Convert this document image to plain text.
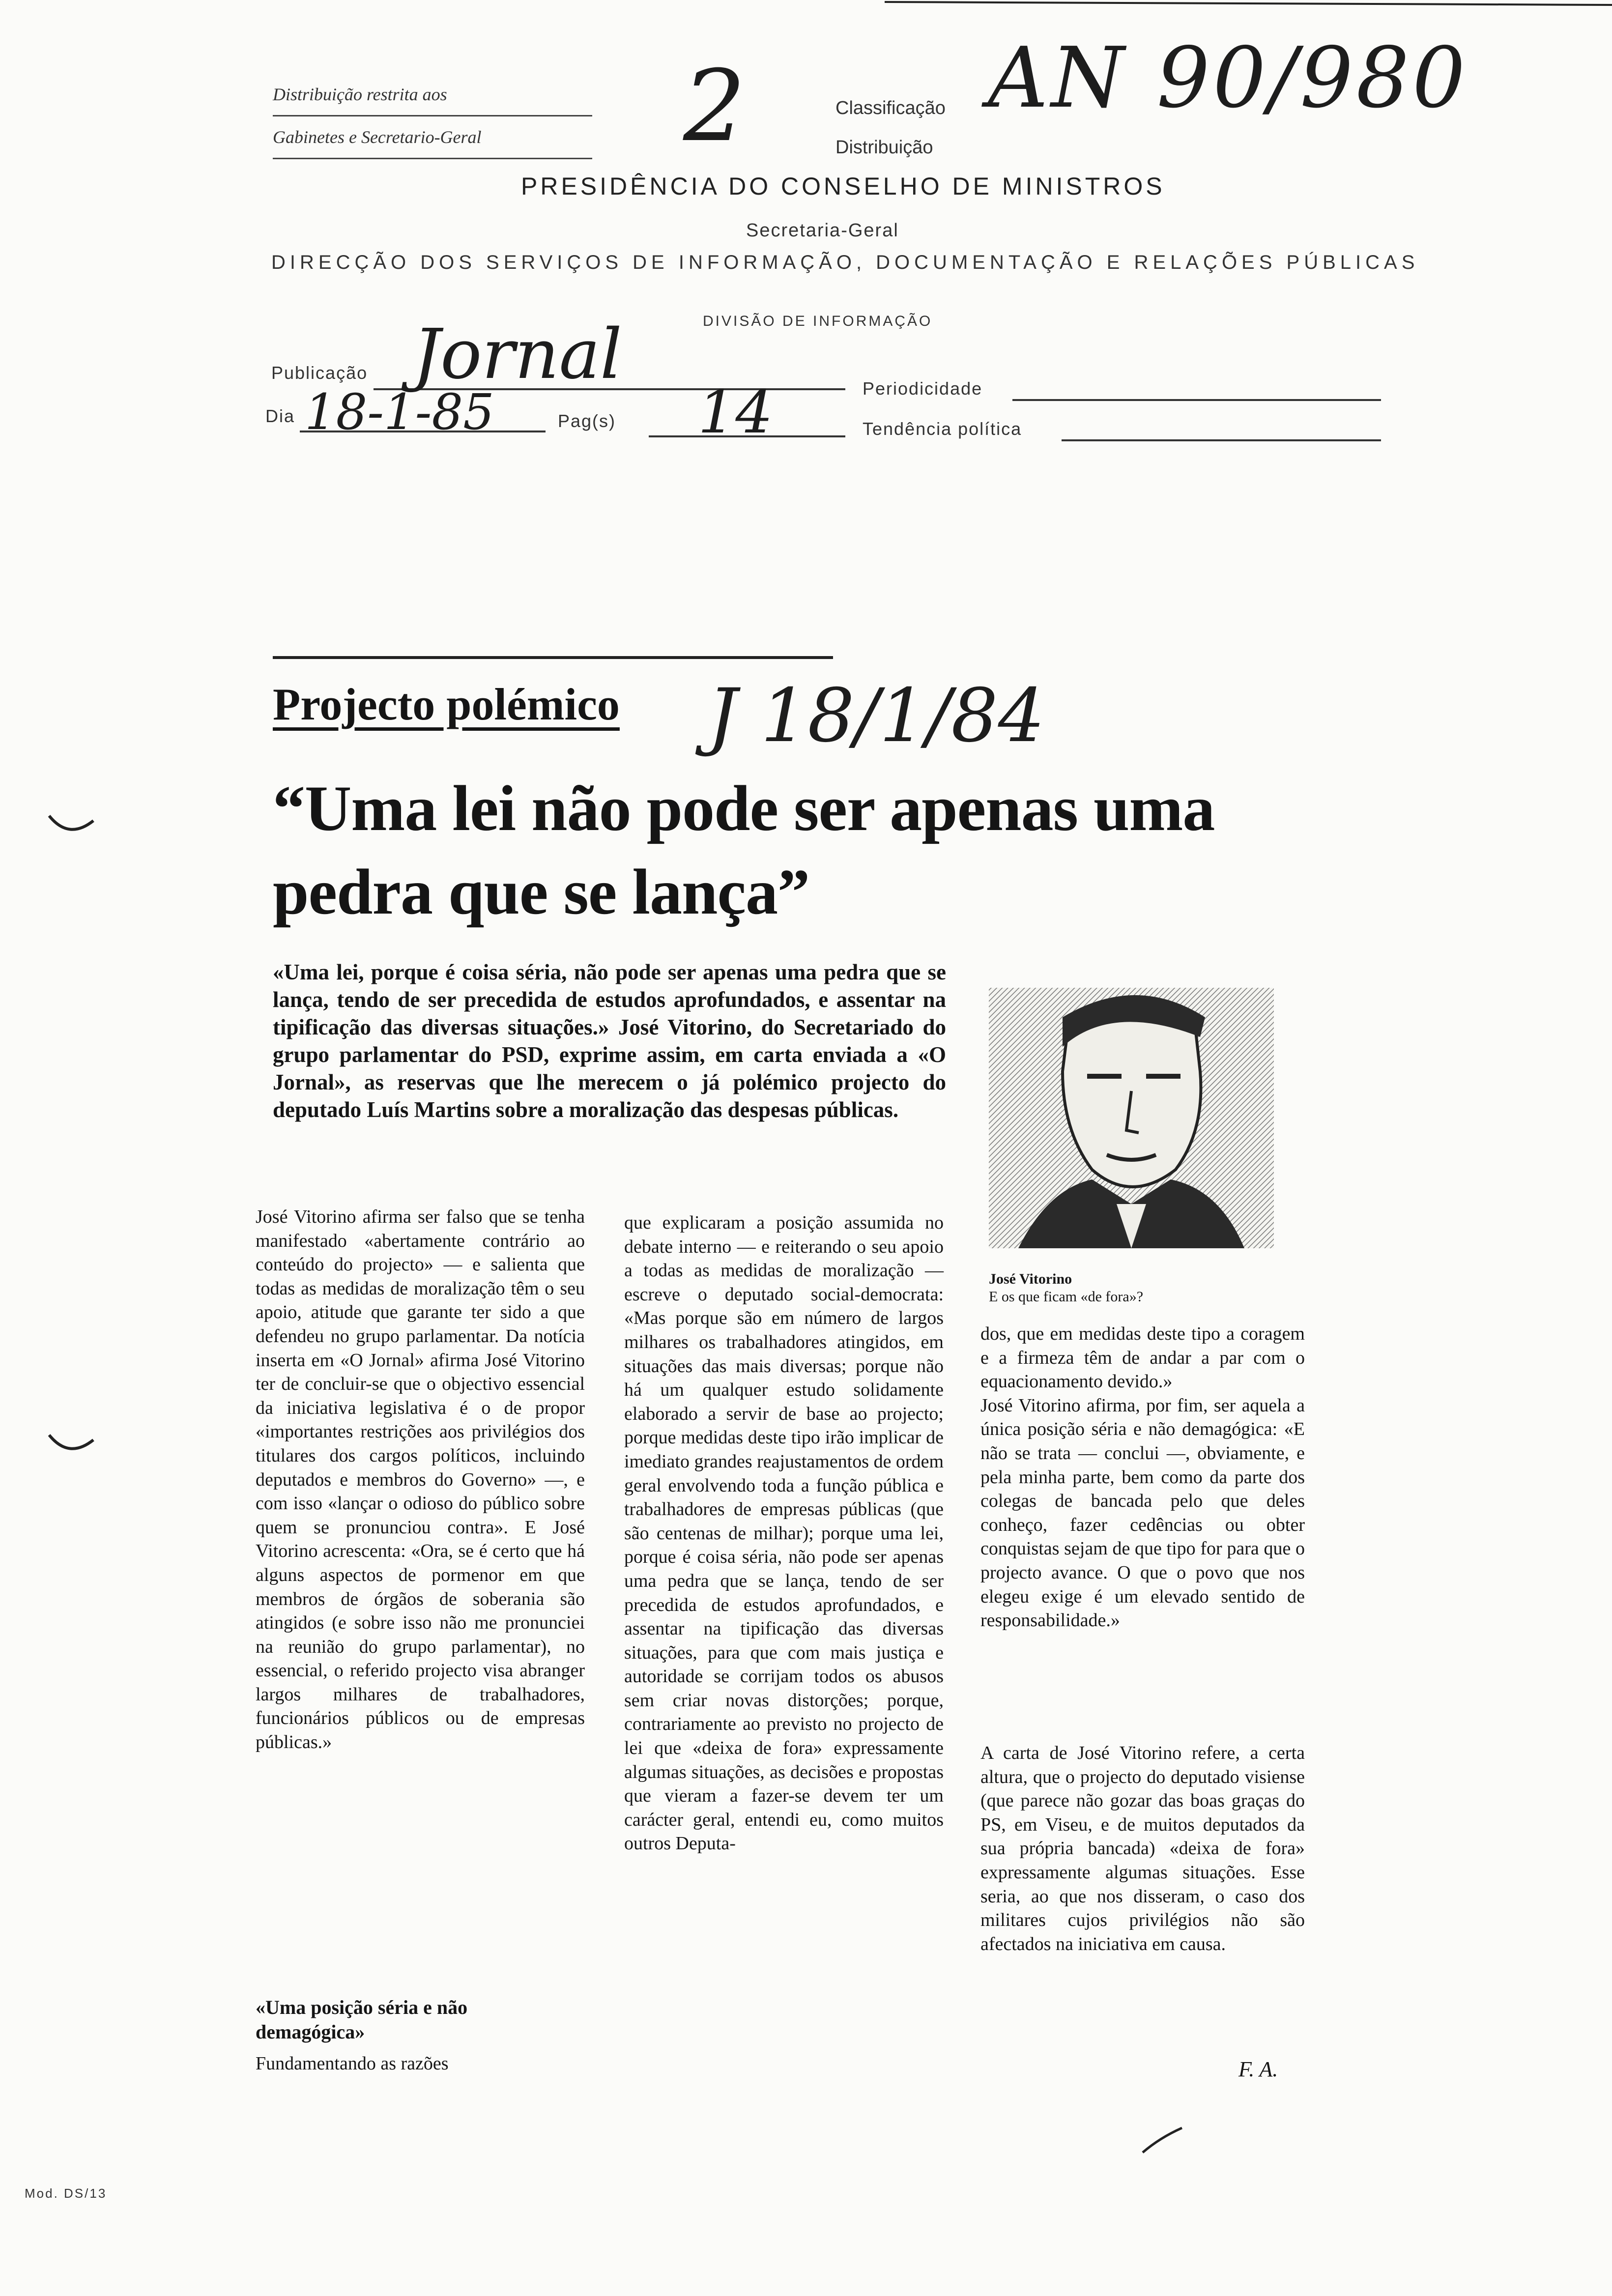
Distribuição restrita aos
Gabinetes e Secretario-Geral	2	Classificação
Distribuição
AN 90/980
PRESIDÊNCIA DO CONSELHO DE MINISTROS
Secretaria-Geral
DIRECÇÃO DOS SERVIÇOS DE INFORMAÇÃO, DOCUMENTAÇÃO E RELAÇÕES PÚBLICAS
DIVISÃO DE INFORMAÇÃO
Publicação Jornal	Periodicidade
Dia 18-1-85	Pag(s) 14	Tendência política
Projecto polémico J 18/1/84
“Uma lei não pode ser apenas uma pedra que se lança”
«Uma lei, porque é coisa séria, não pode ser apenas uma pedra que se lança, tendo de ser precedida de estudos aprofundados, e assentar na tipificação das diversas situações.» José Vitorino, do Secretariado do grupo parlamentar do PSD, exprime assim, em carta enviada a «O Jornal», as reservas que lhe merecem o já polémico projecto do deputado Luís Martins sobre a moralização das despesas públicas.
José Vitorino
E os que ficam «de fora»?
José Vitorino afirma ser falso que se tenha manifestado «abertamente contrário ao conteúdo do projecto» — e salienta que todas as medidas de moralização têm o seu apoio, atitude que garante ter sido a que defendeu no grupo parlamentar. Da notícia inserta em «O Jornal» afirma José Vitorino ter de concluir-se que o objectivo essencial da iniciativa legislativa é o de propor «importantes restrições aos privilégios dos titulares dos cargos políticos, incluindo deputados e membros do Governo» —, e com isso «lançar o odioso do público sobre quem se pronunciou contra». E José Vitorino acrescenta: «Ora, se é certo que há alguns aspectos de pormenor em que membros de órgãos de soberania são atingidos (e sobre isso não me pronunciei na reunião do grupo parlamentar), no essencial, o referido projecto visa abranger largos milhares de trabalhadores, funcionários públicos ou de empresas públicas.»
«Uma posição séria e não demagógica»
Fundamentando as razões
que explicaram a posição assumida no debate interno — e reiterando o seu apoio a todas as medidas de moralização — escreve o deputado social-democrata: «Mas porque são em número de largos milhares os trabalhadores atingidos, em situações das mais diversas; porque não há um qualquer estudo solidamente elaborado a servir de base ao projecto; porque medidas deste tipo irão implicar de imediato grandes reajustamentos de ordem geral envolvendo toda a função pública e trabalhadores de empresas públicas (que são centenas de milhar); porque uma lei, porque é coisa séria, não pode ser apenas uma pedra que se lança, tendo de ser precedida de estudos aprofundados, e assentar na tipificação das diversas situações, para que com mais justiça e autoridade se corrijam todos os abusos sem criar novas distorções; porque, contrariamente ao previsto no projecto de lei que «deixa de fora» expressamente algumas situações, as decisões e propostas que vieram a fazer-se devem ter um carácter geral, entendi eu, como muitos outros Deputa-
dos, que em medidas deste tipo a coragem e a firmeza têm de andar a par com o equacionamento devido.»
José Vitorino afirma, por fim, ser aquela a única posição séria e não demagógica: «E não se trata — conclui —, obviamente, e pela minha parte, bem como da parte dos colegas de bancada pelo que deles conheço, fazer cedências ou obter conquistas sejam de que tipo for para que o projecto avance. O que o povo que nos elegeu exige é um elevado sentido de responsabilidade.»
A carta de José Vitorino refere, a certa altura, que o projecto do deputado visiense (que parece não gozar das boas graças do PS, em Viseu, e de muitos deputados da sua própria bancada) «deixa de fora» expressamente algumas situações. Esse seria, ao que nos disseram, o caso dos militares cujos privilégios não são afectados na iniciativa em causa.
F. A.
Mod. DS/13
